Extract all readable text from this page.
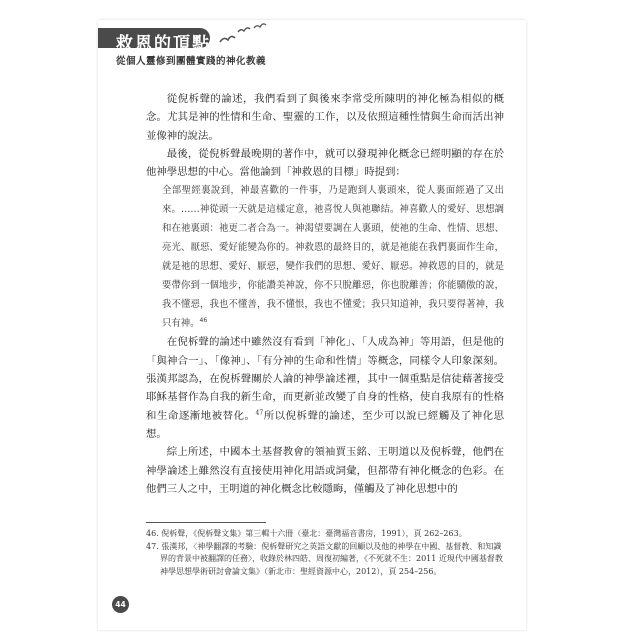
救恩的頂點
從個人靈修到團體實踐的神化教義

從倪柝聲的論述，我們看到了與後來李常受所陳明的神化極為相似的概念。尤其是神的性情和生命、聖靈的工作，以及依照這種性情與生命而活出神並像神的說法。

最後，從倪柝聲最晚期的著作中，就可以發現神化概念已經明顯的存在於他神學思想的中心。當他論到「神救恩的目標」時提到：

全部聖經裏說到，神最喜歡的一件事，乃是跑到人裏頭來，從人裏面經過了又出來。……神從頭一天就是這樣定意，祂喜悅人與祂聯結。神喜歡人的愛好、思想調和在祂裏頭：祂更二者合為一。神渴望要調在人裏頭，使祂的生命、性情、思想、亮光、厭惡、愛好能變為你的。神救恩的最終目的，就是祂能在我們裏面作生命，就是祂的思想、愛好、厭惡，變作我們的思想、愛好、厭惡。神救恩的目的，就是要帶你到一個地步，你能讚美神說，你不只脫離惡，你也脫離善；你能驕傲的說，我不懂惡，我也不懂善，我不懂恨，我也不懂愛；我只知道神，我只要得著神，我只有神。$^{46}$

在倪柝聲的論述中雖然沒有看到「神化」、「人成為神」等用語，但是他的「與神合一」、「像神」、「有分神的生命和性情」等概念，同樣令人印象深刻。張漢邦認為，在倪柝聲關於人論的神學論述裡，其中一個重點是信徒藉著接受耶穌基督作為自我的新生命，而更新並改變了自身的性格，使自我原有的性格和生命逐漸地被替化。$^{47}$所以倪柝聲的論述，至少可以說已經觸及了神化思想。

綜上所述，中國本土基督教會的領袖賈玉銘、王明道以及倪柝聲，他們在神學論述上雖然沒有直接使用神化用語或詞彙，但都帶有神化概念的色彩。在他們三人之中，王明道的神化概念比較隱晦，僅觸及了神化思想中的

46. 倪柝聲，《倪柝聲文集》第三輯十六冊（臺北：臺灣福音書房，1991），頁 262–263。

47. 張漢邦，〈神學翻譯的考驗：倪柝聲研究之英語文獻的回顧以及他的神學在中國、基督教、和知識界的背景中被翻譯的任務〉，收錄於林四皓、周復初編著，《不死就不生：2011 近現代中國基督教神學思想學術研討會論文集》（新北市：聖經資源中心，2012），頁 254–256。

44
